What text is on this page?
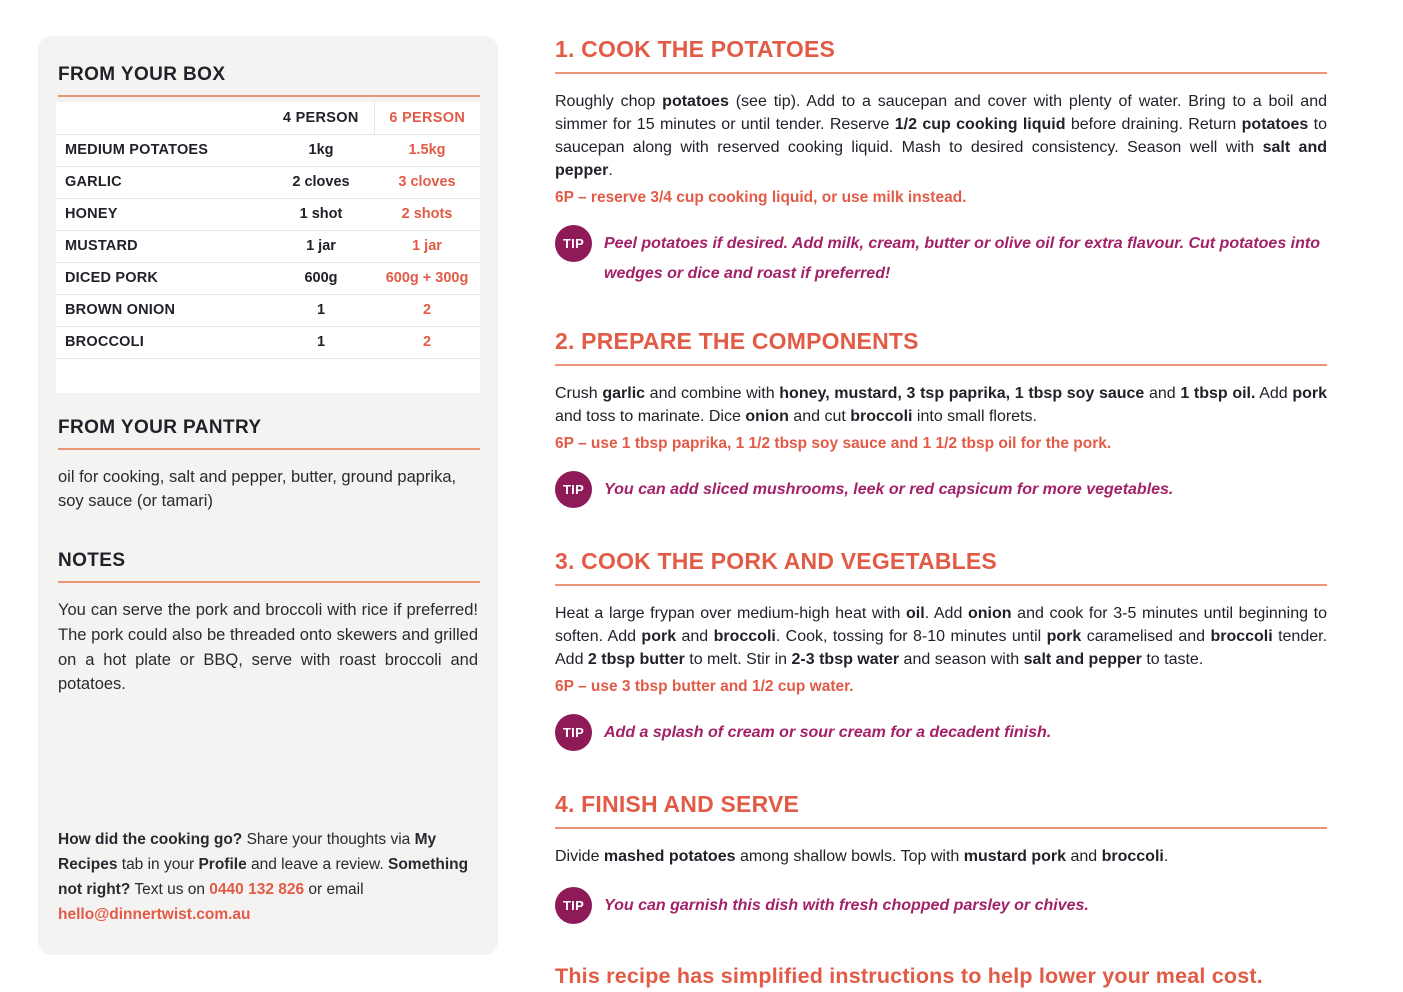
FROM YOUR BOX
	4 PERSON	6 PERSON
MEDIUM POTATOES	1kg	1.5kg
GARLIC	2 cloves	3 cloves
HONEY	1 shot	2 shots
MUSTARD	1 jar	1 jar
DICED PORK	600g	600g + 300g
BROWN ONION	1	2
BROCCOLI	1	2
FROM YOUR PANTRY

oil for cooking, salt and pepper, butter, ground paprika, soy sauce (or tamari)

NOTES

You can serve the pork and broccoli with rice if preferred! The pork could also be threaded onto skewers and grilled on a hot plate or BBQ, serve with roast broccoli and potatoes.

How did the cooking go? Share your thoughts via My Recipes tab in your Profile and leave a review. Something not right? Text us on 0440 132 826 or email hello@dinnertwist.com.au

1. COOK THE POTATOES

Roughly chop potatoes (see tip). Add to a saucepan and cover with plenty of water. Bring to a boil and simmer for 15 minutes or until tender. Reserve 1/2 cup cooking liquid before draining. Return potatoes to saucepan along with reserved cooking liquid. Mash to desired consistency. Season well with salt and pepper.

6P – reserve 3/4 cup cooking liquid, or use milk instead.

TIP	Peel potatoes if desired. Add milk, cream, butter or olive oil for extra flavour. Cut potatoes into wedges or dice and roast if preferred!
2. PREPARE THE COMPONENTS

Crush garlic and combine with honey, mustard, 3 tsp paprika, 1 tbsp soy sauce and 1 tbsp oil. Add pork and toss to marinate. Dice onion and cut broccoli into small florets.

6P – use 1 tbsp paprika, 1 1/2 tbsp soy sauce and 1 1/2 tbsp oil for the pork.

TIP	You can add sliced mushrooms, leek or red capsicum for more vegetables.
3. COOK THE PORK AND VEGETABLES

Heat a large frypan over medium-high heat with oil. Add onion and cook for 3-5 minutes until beginning to soften. Add pork and broccoli. Cook, tossing for 8-10 minutes until pork caramelised and broccoli tender. Add 2 tbsp butter to melt. Stir in 2-3 tbsp water and season with salt and pepper to taste.

6P – use 3 tbsp butter and 1/2 cup water.

TIP	Add a splash of cream or sour cream for a decadent finish.
4. FINISH AND SERVE

Divide mashed potatoes among shallow bowls. Top with mustard pork and broccoli.

TIP	You can garnish this dish with fresh chopped parsley or chives.

This recipe has simplified instructions to help lower your meal cost.
